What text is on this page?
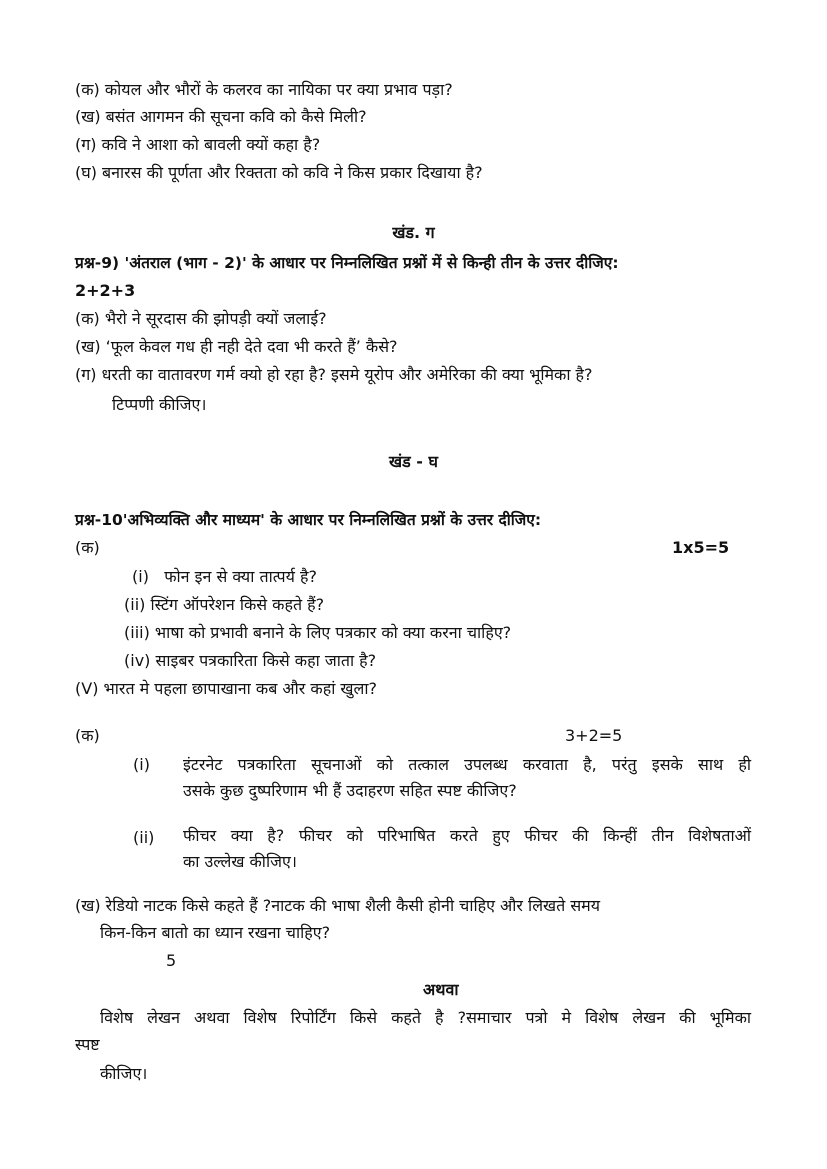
(क) कोयल और भौरों के कलरव का नायिका पर क्या प्रभाव पड़ा?
(ख) बसंत आगमन की सूचना कवि को कैसे मिली?
(ग) कवि ने आशा को बावली क्यों कहा है?
(घ) बनारस की पूर्णता और रिक्तता को कवि ने किस प्रकार दिखाया है?
खंड. ग
प्रश्न-9) 'अंतराल (भाग - 2)' के आधार पर निम्नलिखित प्रश्नों में से किन्ही तीन के उत्तर दीजिए:
2+2+3
(क) भैरो ने सूरदास की झोपड़ी क्यों जलाई?
(ख) ‘फूल केवल गध ही नही देते दवा भी करते हैं’ कैसे?
(ग) धरती का वातावरण गर्म क्यो हो रहा है? इसमे यूरोप और अमेरिका की क्या भूमिका है?
टिप्पणी कीजिए।
खंड - घ
प्रश्न-10'अभिव्यक्ति और माध्यम' के आधार पर निम्नलिखित प्रश्नों के उत्तर दीजिए:
(क)	1x5=5
(i) फोन इन से क्या तात्पर्य है?
(ii) स्टिंग ऑपरेशन किसे कहते हैं?
(iii) भाषा को प्रभावी बनाने के लिए पत्रकार को क्या करना चाहिए?
(iv) साइबर पत्रकारिता किसे कहा जाता है?
(V) भारत मे पहला छापाखाना कब और कहां खुला?
(क)	3+2=5
(i) इंटरनेट पत्रकारिता सूचनाओं को तत्काल उपलब्ध करवाता है, परंतु इसके साथ ही
उसके कुछ दुष्परिणाम भी हैं उदाहरण सहित स्पष्ट कीजिए?
(ii) फीचर क्या है? फीचर को परिभाषित करते हुए फीचर की किन्हीं तीन विशेषताओं
का उल्लेख कीजिए।
(ख) रेडियो नाटक किसे कहते हैं ?नाटक की भाषा शैली कैसी होनी चाहिए और लिखते समय
किन-किन बातो का ध्यान रखना चाहिए?
5
अथवा
विशेष लेखन अथवा विशेष रिपोर्टिंग किसे कहते है ?समाचार पत्रो मे विशेष लेखन की भूमिका
स्पष्ट
कीजिए।
